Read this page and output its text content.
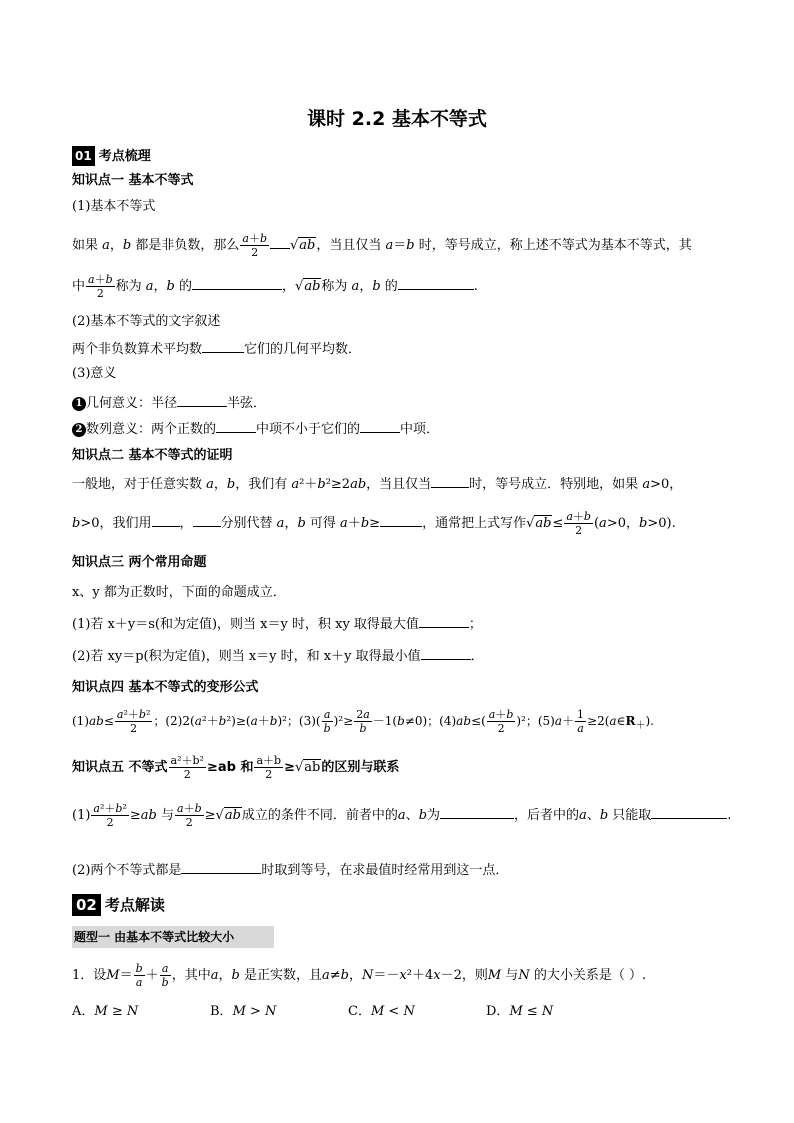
课时 2.2 基本不等式
01 考点梳理
知识点一 基本不等式
(1)基本不等式
如果 a，b 都是非负数，那么 $\frac{a+b}{2} √ab$，当且仅当 a＝b 时，等号成立，称上述不等式为基本不等式，其
中 $\frac{a+b}{2}$ 称为 a，b 的	，√ab称为 a，b 的	.
(2)基本不等式的文字叙述
两个非负数算术平均数	它们的几何平均数．
(3)意义
1 几何意义：半径	半弦．
2 数列意义：两个正数的	中项不小于它们的	中项．
知识点二 基本不等式的证明
一般地，对于任意实数 a，b，我们有 a²＋b²≥2ab，当且仅当	时，等号成立．特别地，如果 a>0，
b>0，我们用 ， 分别代替 a，b 可得 a＋b≥	，通常把上式写作$√ab\le \frac{a+b}{2} (a>0$，b>0).
知识点三 两个常用命题
x、y 都为正数时，下面的命题成立．
(1)若 x＋y＝s(和为定值)，则当 x＝y 时，积 xy 取得最大值	；
(2)若 xy＝p(积为定值)，则当 x＝y 时，和 x＋y 取得最小值	．
知识点四 基本不等式的变形公式
$(1)ab\le \frac{\text{a²＋b²}}{2}$ ；(2)2(a²＋b²)≥(a＋b)²；$(3)( \frac{a}{b} )^2\ge \frac{2a}{b} -1(b\ne 0)$；$(4)ab\le( \frac{a+b}{2} )^2$；$(5)a+ \frac{1}{a}$ $\ge 2(a\in R_+)$.
知识点五 不等式 $\frac{\text{a²＋b²}}{2} \ge ab$ 和 $\frac{a+b}{2} \ge√ab$的区别与联系
$(1) \frac{\text{a²＋b²}}{2} \ge ab$ 与 $\frac{a+b}{2} \ge√ab$成立的条件不同．前者中的a、b为	，后者中的a、b 只能取	.
(2)两个不等式都是	时取到等号，在求最值时经常用到这一点．
02 考点解读
题型一 由基本不等式比较大小
1．设$M= \frac{b}{a} + \frac{a}{b}$ ，其中a，b 是正实数，且a≠b，N＝－x²＋4x－2，则M 与N 的大小关系是（ ）.
A．M ≥ N	B．M > N	C．M < N	D．M ≤ N
